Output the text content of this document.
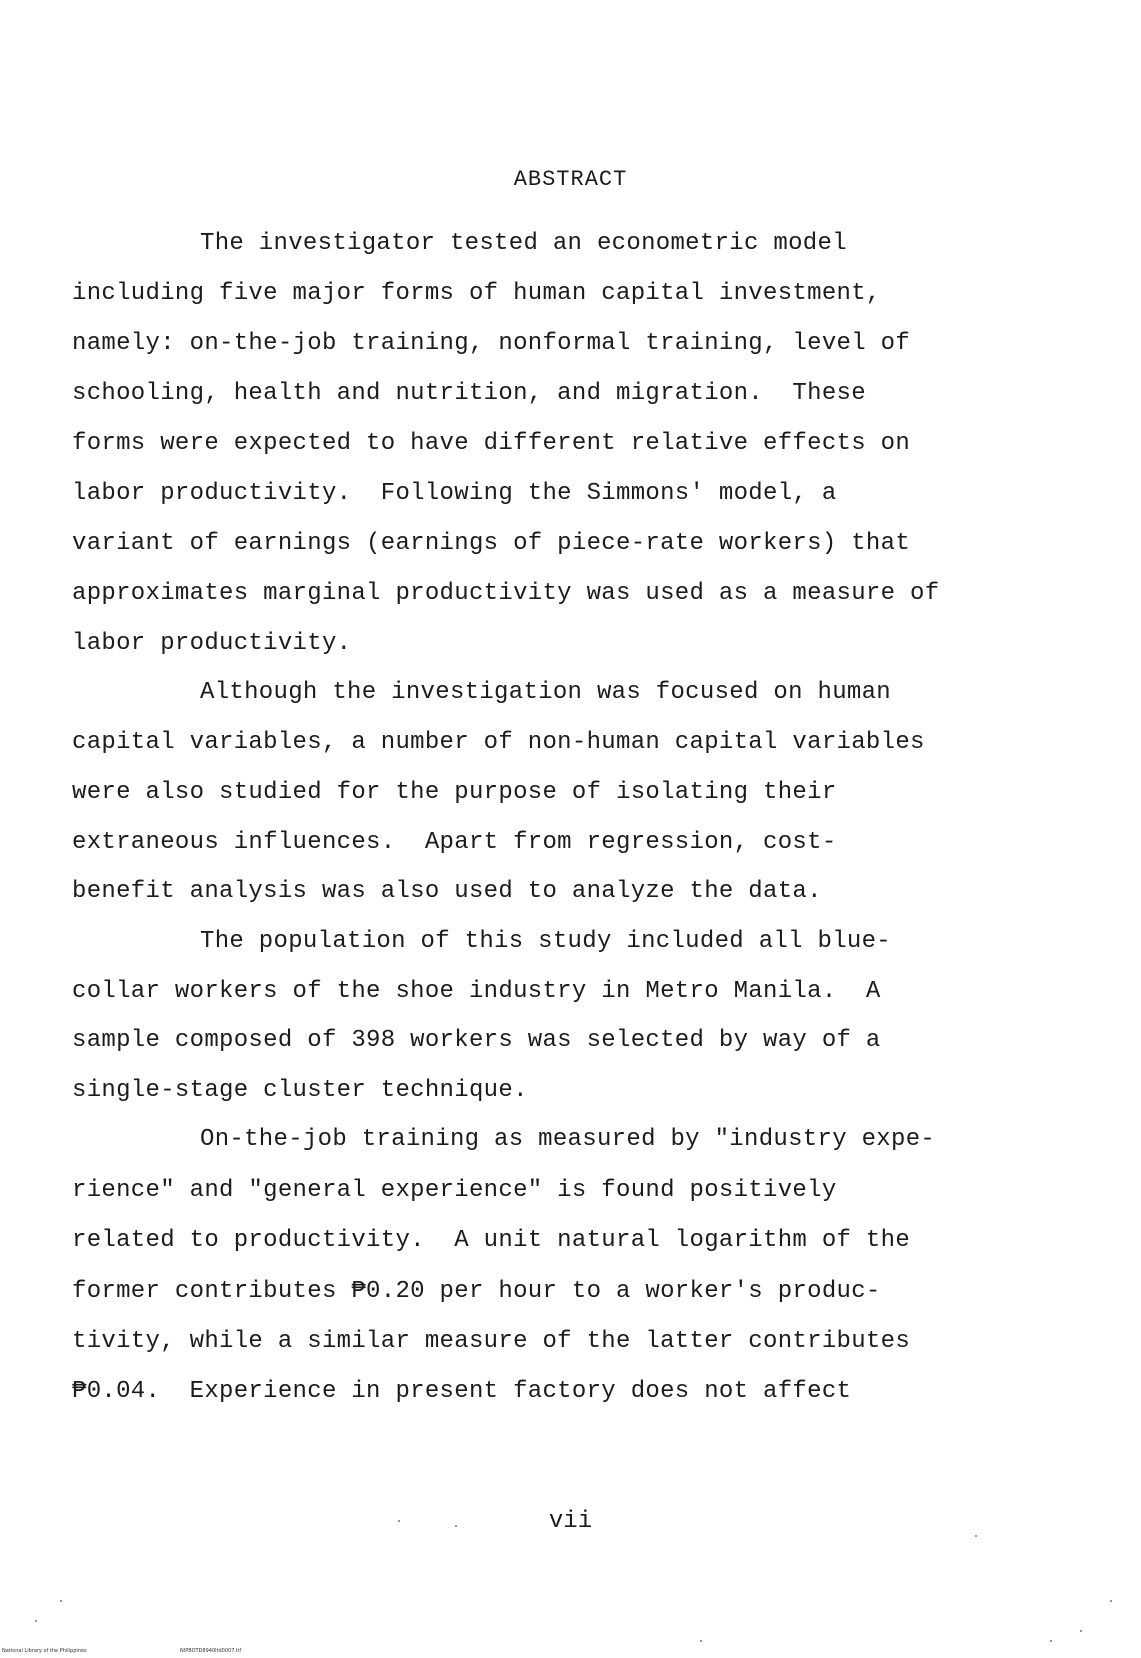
ABSTRACT
The investigator tested an econometric model
including five major forms of human capital investment,
namely: on-the-job training, nonformal training, level of
schooling, health and nutrition, and migration.  These
forms were expected to have different relative effects on
labor productivity.  Following the Simmons' model, a
variant of earnings (earnings of piece-rate workers) that
approximates marginal productivity was used as a measure of
labor productivity.
Although the investigation was focused on human
capital variables, a number of non-human capital variables
were also studied for the purpose of isolating their
extraneous influences.  Apart from regression, cost-
benefit analysis was also used to analyze the data.
The population of this study included all blue-
collar workers of the shoe industry in Metro Manila.  A
sample composed of 398 workers was selected by way of a
single-stage cluster technique.
On-the-job training as measured by "industry expe-
rience" and "general experience" is found positively
related to productivity.  A unit natural logarithm of the
former contributes ₱0.20 per hour to a worker's produc-
tivity, while a similar measure of the latter contributes
₱0.04.  Experience in present factory does not affect
vii
National Library of the Philippines	NIPBOTD8940ltd0007.tif
